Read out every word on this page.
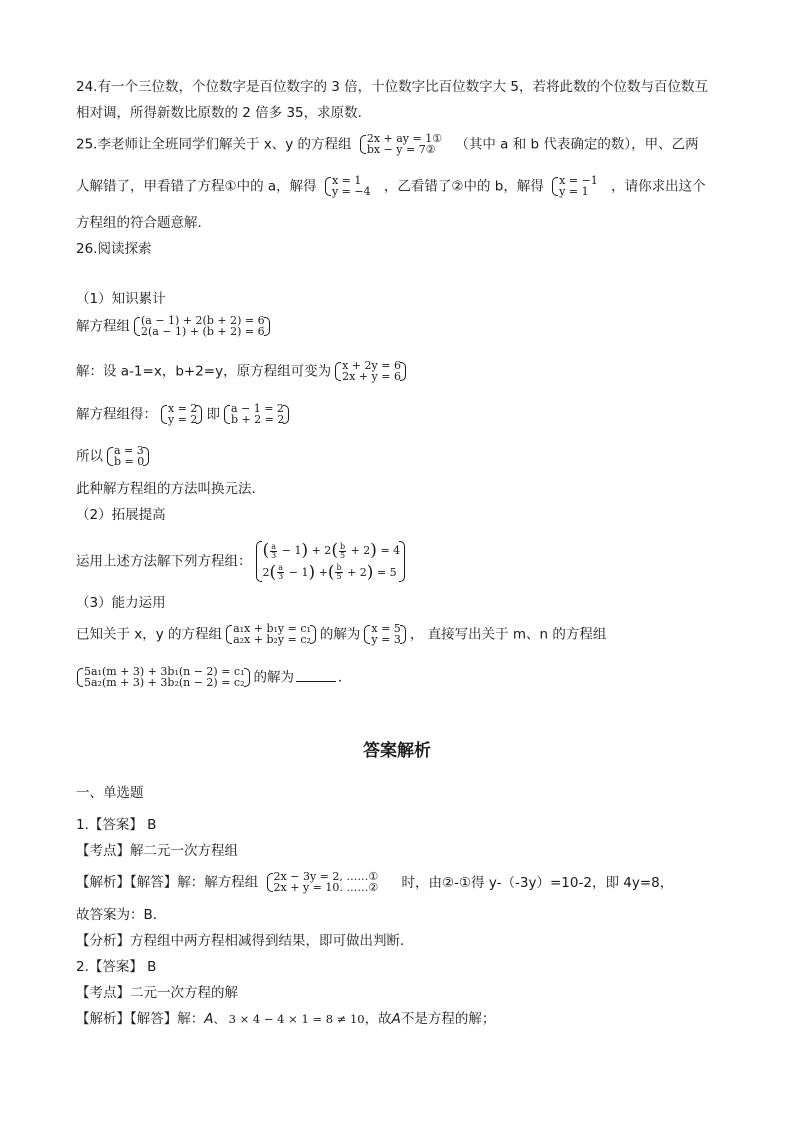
24.有一个三位数，个位数字是百位数字的 3 倍，十位数字比百位数字大 5，若将此数的个位数与百位数互
相对调，所得新数比原数的 2 倍多 35，求原数．
25.李老师让全班同学们解关于 x、y 的方程组 2x + ay = 1①
bx − y = 7②	（其中 a 和 b 代表确定的数），甲、乙两
人解错了，甲看错了方程①中的 a，解得 x = 1
y = −4 ，乙看错了②中的 b，解得 x = −1
y = 1	，请你求出这个
方程组的符合题意解．
26.阅读探索
（1）知识累计
解方程组 (a − 1) + 2(b + 2) = 6
2(a − 1) + (b + 2) = 6
解：设 a-1=x，b+2=y，原方程组可变为 x + 2y = 6
2x + y = 6
解方程组得： x = 2
y = 2 即 a − 1 = 2
b + 2 = 2
所以 a = 3
b = 0
此种解方程组的方法叫换元法．
（2）拓展提高
运用上述方法解下列方程组：
( $\frac{a}{3} - 1) + 2( \frac{b}{5} + 2) = 4$
$2( \frac{a}{3} - 1)$ +( $\frac{b}{5} + 2) = 5$
（3）能力运用
已知关于 x，y 的方程组 a₁x + b₁y = c₁
a₂x + b₂y = c₂ 的解为 x = 5
y = 3 ， 直接写出关于 m、n 的方程组
5a₁(m + 3) + 3b₁(n − 2) = c₁
5a₂(m + 3) + 3b₂(n − 2) = c₂ 的解为	．
答案解析
一、单选题
1.【答案】 B
【考点】解二元一次方程组
【解析】【解答】解：解方程组 2x − 3y = 2, ……①
2x + y = 10. ……② 时，由②-①得 y-（-3y）=10-2，即 4y=8，
故答案为：B．
【分析】方程组中两方程相减得到结果，即可做出判断．
2.【答案】 B
【考点】二元一次方程的解
【解析】【解答】解：A、 3 × 4 − 4 × 1 = 8 ≠ 10，故A不是方程的解；
